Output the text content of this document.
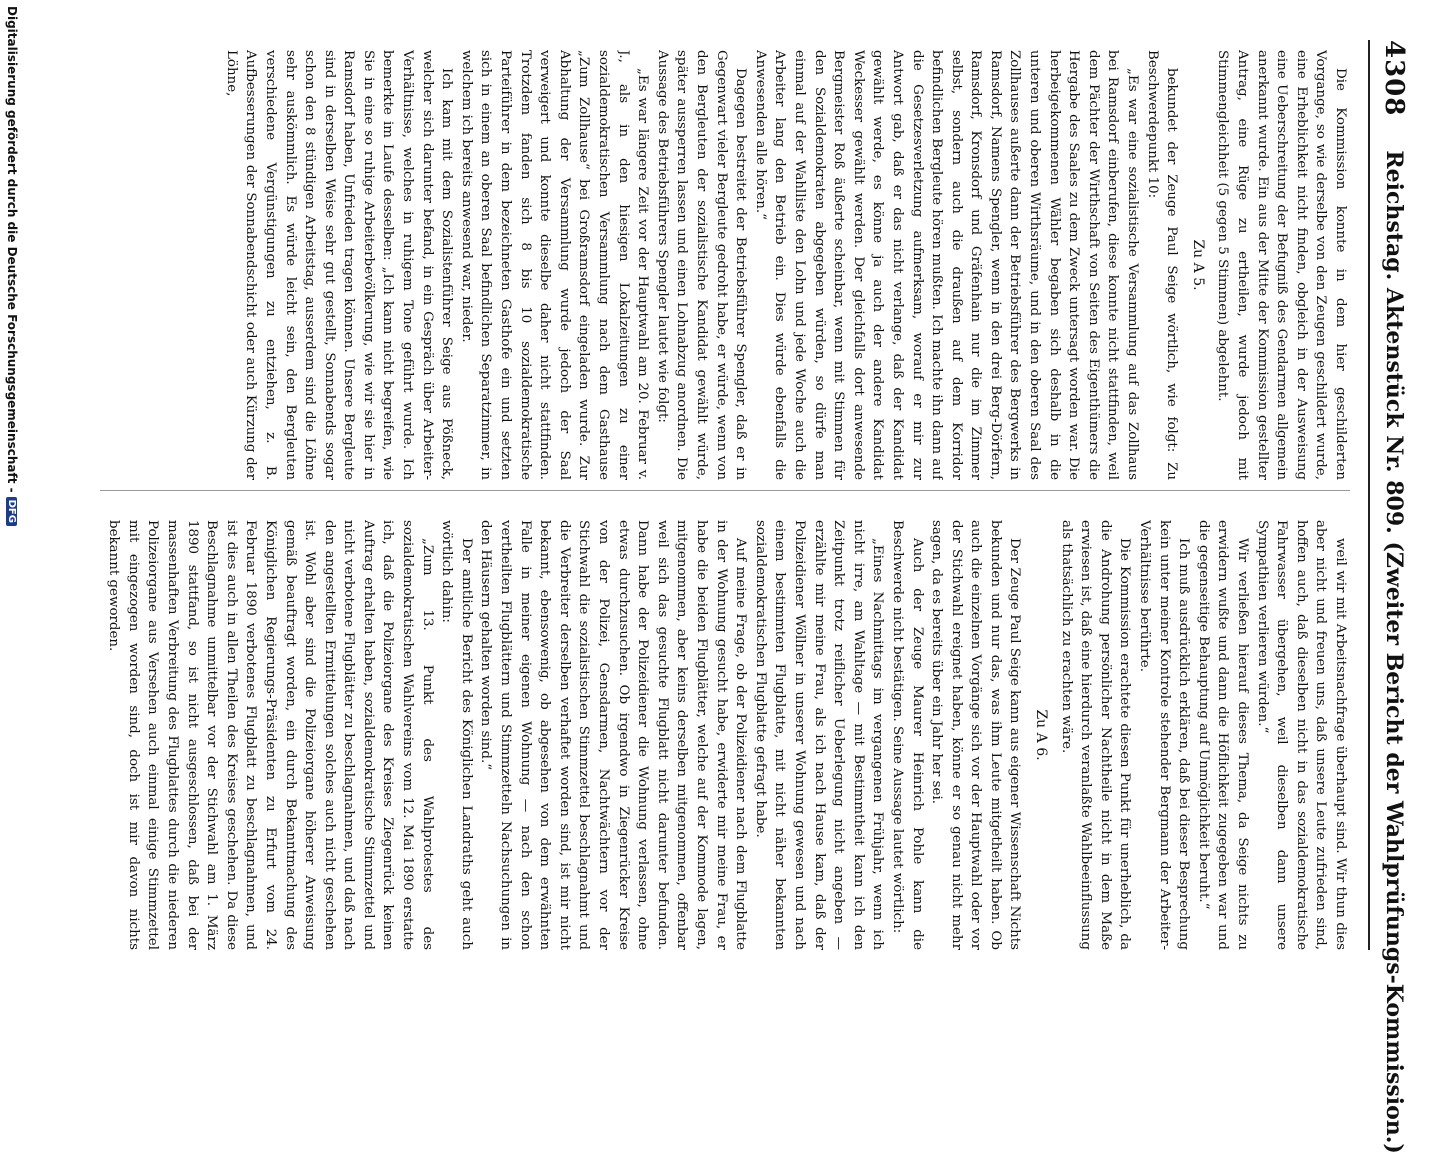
4308
Reichstag. Aktenstück Nr. 809. (Zweiter Bericht der Wahlprüfungs-Kommission.)

Die Kommission konnte in dem hier geschilderten Vorgange, so wie derselbe von den Zeugen geschildert wurde, eine Erheblichkeit nicht finden, obgleich in der Ausweisung eine Ueberschreitung der Befugniß des Gendarmen allgemein anerkannt wurde. Ein aus der Mitte der Kommission gestellter Antrag, eine Rüge zu ertheilen, wurde jedoch mit Stimmengleichheit (5 gegen 5 Stimmen) abgelehnt.

Zu A 5.

bekundet der Zeuge Paul Seige wörtlich, wie folgt: Zu Beschwerdepunkt 10:

„Es war eine sozialistische Versammlung auf das Zollhaus bei Ramsdorf einberufen, diese konnte nicht stattfinden, weil dem Pächter der Wirthschaft von Seiten des Eigenthümers die Hergabe des Saales zu dem Zweck untersagt worden war. Die herbeigekommenen Wähler begaben sich deshalb in die unteren und oberen Wirthsräume, und in den oberen Saal des Zollhauses außerte dann der Betriebsführer des Bergwerks in Ramsdorf, Namens Spengler, wenn in den drei Berg-Dörfern, Ramsdorf, Kronsdorf und Gräfenhain nur die im Zimmer selbst, sondern auch die draußen auf dem Korridor befindlichen Bergleute hören mußten. Ich machte ihn dann auf die Gesetzesverletzung aufmerksam, worauf er mir zur Antwort gab, daß er das nicht verlange, daß der Kandidat gewählt werde, es könne ja auch der andere Kandidat Weckesser gewählt werden. Der gleichfalls dort anwesende Bergmeister Roß äußerte scheinbar, wenn mit Stimmen für den Sozialdemokraten abgegeben würden, so dürfe man einmal auf der Wahlliste den Lohn und jede Woche auch die Arbeiter lang den Betrieb ein. Dies würde ebenfalls die Anwesenden alle hören.“

Dagegen bestreitet der Betriebsführer Spengler, daß er in Gegenwart vieler Bergleute gedroht habe, er würde, wenn von den Bergleuten der sozialistische Kandidat gewählt würde, später aussperren lassen und einen Lohnabzug anordnen. Die Aussage des Betriebsführers Spengler lautet wie folgt:

„Es war längere Zeit vor der Hauptwahl am 20. Februar v. J., als in den hiesigen Lokalzeitungen zu einer sozialdemokratischen Versammlung nach dem Gasthause „Zum Zollhause“ bei Großramsdorf eingeladen wurde. Zur Abhaltung der Versammlung wurde jedoch der Saal verweigert und konnte dieselbe daher nicht stattfinden. Trotzdem fanden sich 8 bis 10 sozialdemokratische Parteiführer in dem bezeichneten Gasthofe ein und setzten sich in einem an oberen Saal befindlichen Separatzimmer, in welchem ich bereits anwesend war, nieder.

Ich kam mit dem Sozialistenführer Seige aus Pößneck, welcher sich darunter befand, in ein Gespräch über Arbeiter-Verhältnisse, welches in ruhigem Tone geführt wurde. Ich bemerkte im Laufe desselben: „Ich kann nicht begreifen, wie Sie in eine so ruhige Arbeiterbevölkerung, wie wir sie hier in Ramsdorf haben, Unfrieden tragen können. Unsere Bergleute sind in derselben Weise sehr gut gestellt, Sonnabends sogar schon den 8 stündigen Arbeitstag, ausserdem sind die Löhne sehr auskömmlich. Es würde leicht sein, den Bergleuten verschiedene Vergünstigungen zu entziehen, z. B. Aufbesserungen der Sonnabendschicht oder auch Kürzung der Löhne,

weil wir mit Arbeitsnachfrage überhaupt sind. Wir thun dies aber nicht und freuen uns, daß unsere Leute zufrieden sind, hoffen auch, daß dieselben nicht in das sozialdemokratische Fahrwasser übergehen, weil dieselben dann unsere Sympathien verlieren würden.“

Wir verließen hierauf dieses Thema, da Seige nichts zu erwidern wußte und dann die Höflichkeit zugegeben war und die gegenseitige Behauptung auf Unmöglichkeit beruht.“

Ich muß ausdrücklich erklären, daß bei dieser Besprechung kein unter meiner Kontrole stehender Bergmann der Arbeiter-Verhältnisse berührte.

Die Kommission erachtete diesen Punkt für unerheblich, da die Androhung persönlicher Nachtheile nicht in dem Maße erwiesen ist, daß eine hierdurch veranlaßte Wahlbeeinflussung als thatsächlich zu erachten wäre.

Zu A 6.

Der Zeuge Paul Seige kann aus eigener Wissenschaft Nichts bekunden und nur das, was ihm Leute mitgetheilt haben. Ob auch die einzelnen Vorgänge sich vor der Hauptwahl oder vor der Stichwahl ereignet haben, könne er so genau nicht mehr sagen, da es bereits über ein Jahr her sei.

Auch der Zeuge Maurer Heinrich Pohle kann die Beschwerde nicht bestätigen. Seine Aussage lautet wörtlich:

„Eines Nachmittags im vergangenen Frühjahr, wenn ich nicht irre, am Wahltage — mit Bestimmtheit kann ich den Zeitpunkt trotz reiflicher Ueberlegung nicht angeben — erzählte mir meine Frau, als ich nach Hause kam, daß der Polizeidiener Wöllner in unserer Wohnung gewesen und nach einem bestimmten Flugblatte, mit nicht näher bekannten sozialdemokratischen Flugblatte gefragt habe.

Auf meine Frage, ob der Polizeidiener nach dem Flugblatte in der Wohnung gesucht habe, erwiderte mir meine Frau, er habe die beiden Flugblätter, welche auf der Kommode lagen, mitgenommen, aber keins derselben mitgenommen, offenbar weil sich das gesuchte Flugblatt nicht darunter befunden. Dann habe der Polizeidiener die Wohnung verlassen, ohne etwas durchzusuchen. Ob irgendwo in Ziegenrücker Kreise von der Polizei, Gensdarmen, Nachtwächtern vor der Stichwahl die sozialistischen Stimmzettel beschlagnahmt und die Verbreiter derselben verhaftet worden sind, ist mir nicht bekannt, ebensowenig, ob abgesehen von dem erwähnten Falle in meiner eigenen Wohnung — nach den schon vertheilten Flugblättern und Stimmzetteln Nachsuchungen in den Häusern gehalten worden sind.“

Der amtliche Bericht des Königlichen Landraths geht auch wörtlich dahin:

„Zum 13. Punkt des Wahlprotestes des sozialdemokratischen Wahlvereins vom 12. Mai 1890 erstatte ich, daß die Polizeiorgane des Kreises Ziegenrück keinen Auftrag erhalten haben, sozialdemokratische Stimmzettel und nicht verbotene Flugblätter zu beschlagnahmen, und daß nach den angestellten Ermittelungen solches auch nicht geschehen ist. Wohl aber sind die Polizeiorgane höherer Anweisung gemäß beauftragt worden, ein durch Bekanntmachung des Königlichen Regierungs-Präsidenten zu Erfurt vom 24. Februar 1890 verbotenes Flugblatt zu beschlagnahmen, und ist dies auch in allen Theilen des Kreises geschehen. Da diese Beschlagnahme unmittelbar vor der Stichwahl am 1. März 1890 stattfand, so ist nicht ausgeschlossen, daß bei der massenhaften Verbreitung des Flugblattes durch die niederen Polizeiorgane aus Versehen auch einmal einige Stimmzettel mit eingezogen worden sind, doch ist mir davon nichts bekannt geworden.

Digitalisierung gefördert durch die Deutsche Forschungsgemeinschaft -
DFG
